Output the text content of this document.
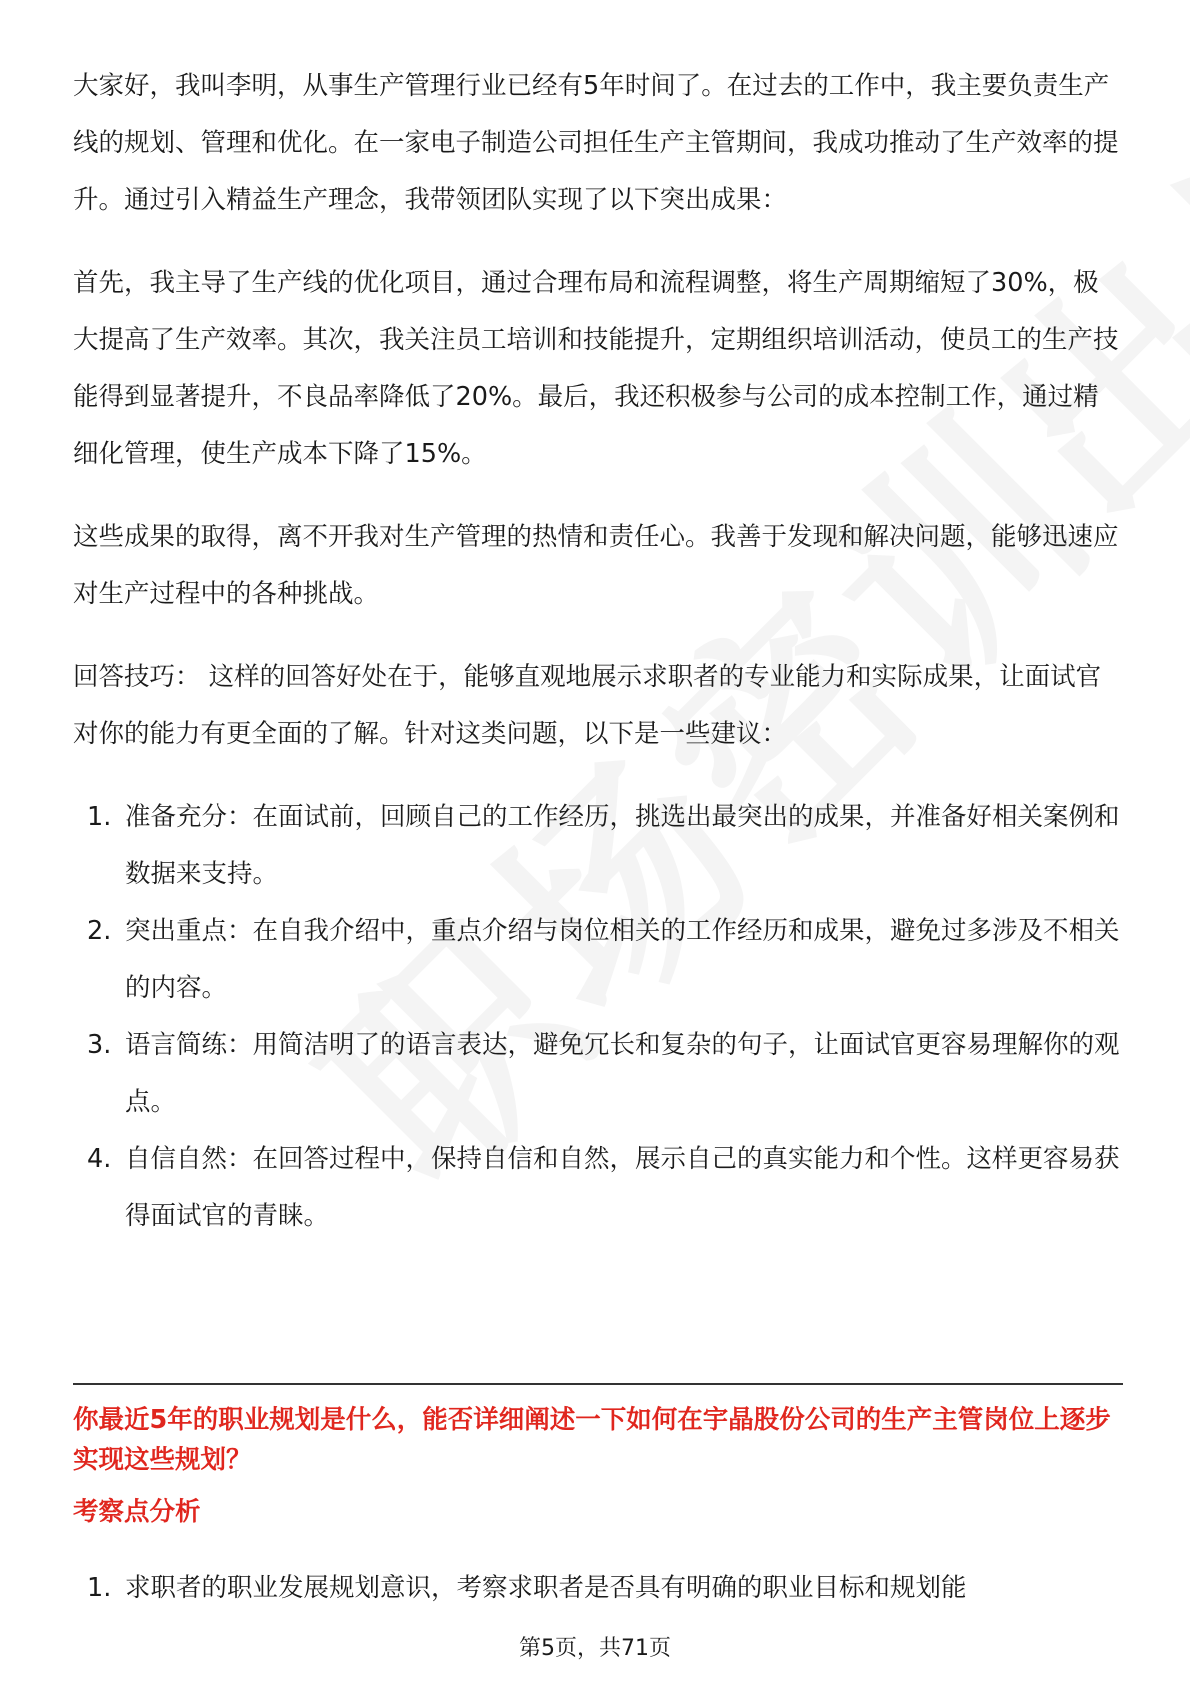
大家好，我叫李明，从事生产管理行业已经有5年时间了。在过去的工作中，我主要负责生产线的规划、管理和优化。在一家电子制造公司担任生产主管期间，我成功推动了生产效率的提升。通过引入精益生产理念，我带领团队实现了以下突出成果：

首先，我主导了生产线的优化项目，通过合理布局和流程调整，将生产周期缩短了30%，极大提高了生产效率。其次，我关注员工培训和技能提升，定期组织培训活动，使员工的生产技能得到显著提升，不良品率降低了20%。最后，我还积极参与公司的成本控制工作，通过精细化管理，使生产成本下降了15%。

这些成果的取得，离不开我对生产管理的热情和责任心。我善于发现和解决问题，能够迅速应对生产过程中的各种挑战。

回答技巧： 这样的回答好处在于，能够直观地展示求职者的专业能力和实际成果，让面试官对你的能力有更全面的了解。针对这类问题，以下是一些建议：

1. 准备充分：在面试前，回顾自己的工作经历，挑选出最突出的成果，并准备好相关案例和数据来支持。
2. 突出重点：在自我介绍中，重点介绍与岗位相关的工作经历和成果，避免过多涉及不相关的内容。
3. 语言简练：用简洁明了的语言表达，避免冗长和复杂的句子，让面试官更容易理解你的观点。
4. 自信自然：在回答过程中，保持自信和自然，展示自己的真实能力和个性。这样更容易获得面试官的青睐。
你最近5年的职业规划是什么，能否详细阐述一下如何在宇晶股份公司的生产主管岗位上逐步实现这些规划？
考察点分析
1. 求职者的职业发展规划意识，考察求职者是否具有明确的职业目标和规划能
第5页，共71页
